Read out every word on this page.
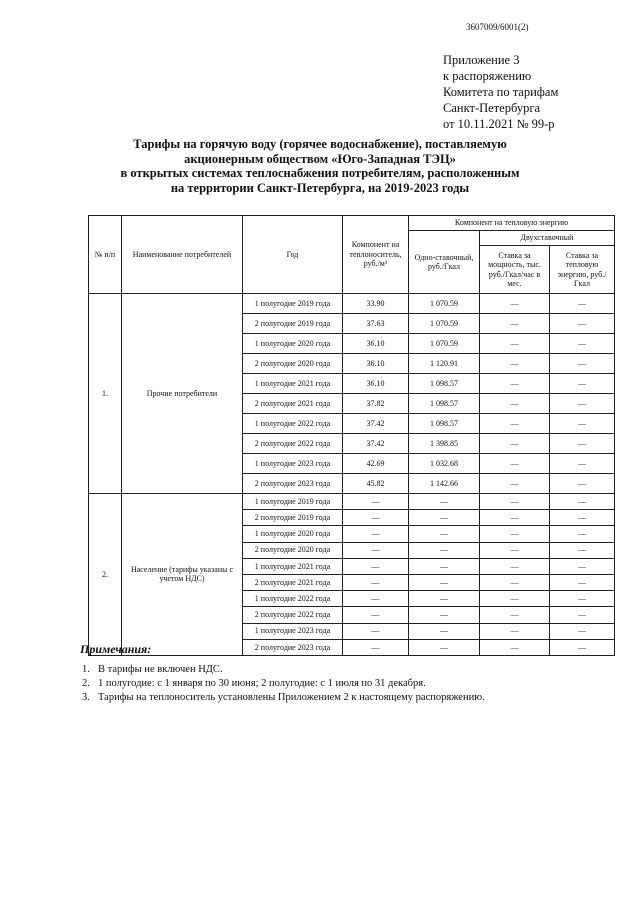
3607009/6001(2)
Приложение 3
к распоряжению
Комитета по тарифам
Санкт-Петербурга
от 10.11.2021 № 99-р
Тарифы на горячую воду (горячее водоснабжение), поставляемую
акционерным обществом «Юго-Западная ТЭЦ»
в открытых системах теплоснабжения потребителям, расположенным
на территории Санкт-Петербурга, на 2019-2023 годы
№ п/п	Наименование потребителей	Год	Компонент на теплоноситель, руб./м³	Компонент на тепловую энергию		
				Одно-ставочный, руб./Гкал	Двухставочный	
					Ставка за мощность, тыс. руб./Гкал/час в мес.	Ставка за тепловую энергию, руб./Гкал
1.	Прочие потребители	1 полугодие 2019 года	33.90	1 070.59	—	—
		2 полугодие 2019 года	37.63	1 070.59	—	—
		1 полугодие 2020 года	36.10	1 070.59	—	—
		2 полугодие 2020 года	36.10	1 120.91	—	—
		1 полугодие 2021 года	36.10	1 098.57	—	—
		2 полугодие 2021 года	37.82	1 098.57	—	—
		1 полугодие 2022 года	37.42	1 098.57	—	—
		2 полугодие 2022 года	37.42	1 398.85	—	—
		1 полугодие 2023 года	42.69	1 032.68	—	—
		2 полугодие 2023 года	45.82	1 142.66	—	—
2.	Население (тарифы указаны с учетом НДС)	1 полугодие 2019 года	—	—	—	—
		2 полугодие 2019 года	—	—	—	—
		1 полугодие 2020 года	—	—	—	—
		2 полугодие 2020 года	—	—	—	—
		1 полугодие 2021 года	—	—	—	—
		2 полугодие 2021 года	—	—	—	—
		1 полугодие 2022 года	—	—	—	—
		2 полугодие 2022 года	—	—	—	—
		1 полугодие 2023 года	—	—	—	—
		2 полугодие 2023 года	—	—	—	—
Примечания:
1. В тарифы не включен НДС.
2. 1 полугодие: с 1 января по 30 июня; 2 полугодие: с 1 июля по 31 декабря.
3. Тарифы на теплоноситель установлены Приложением 2 к настоящему распоряжению.
